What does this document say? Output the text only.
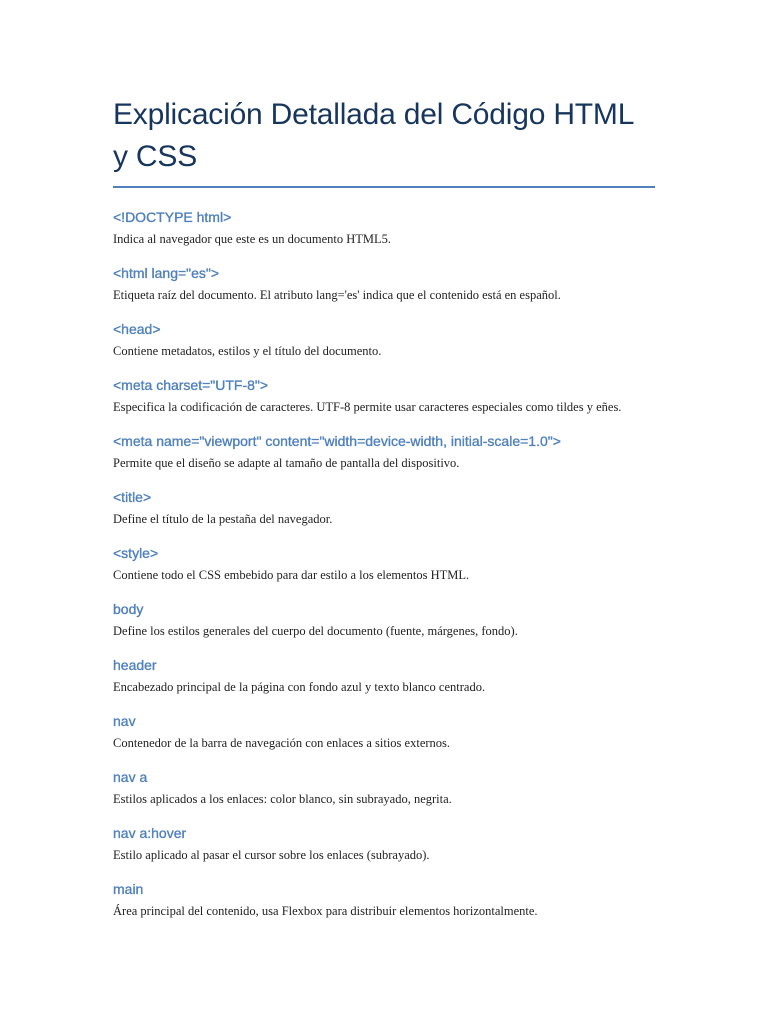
Explicación Detallada del Código HTML y CSS

<!DOCTYPE html>

Indica al navegador que este es un documento HTML5.

<html lang="es">

Etiqueta raíz del documento. El atributo lang='es' indica que el contenido está en español.

<head>

Contiene metadatos, estilos y el título del documento.

<meta charset="UTF-8">

Especifica la codificación de caracteres. UTF-8 permite usar caracteres especiales como tildes y eñes.

<meta name="viewport" content="width=device-width, initial-scale=1.0">

Permite que el diseño se adapte al tamaño de pantalla del dispositivo.

<title>

Define el título de la pestaña del navegador.

<style>

Contiene todo el CSS embebido para dar estilo a los elementos HTML.

body

Define los estilos generales del cuerpo del documento (fuente, márgenes, fondo).

header

Encabezado principal de la página con fondo azul y texto blanco centrado.

nav

Contenedor de la barra de navegación con enlaces a sitios externos.

nav a

Estilos aplicados a los enlaces: color blanco, sin subrayado, negrita.

nav a:hover

Estilo aplicado al pasar el cursor sobre los enlaces (subrayado).

main

Área principal del contenido, usa Flexbox para distribuir elementos horizontalmente.
